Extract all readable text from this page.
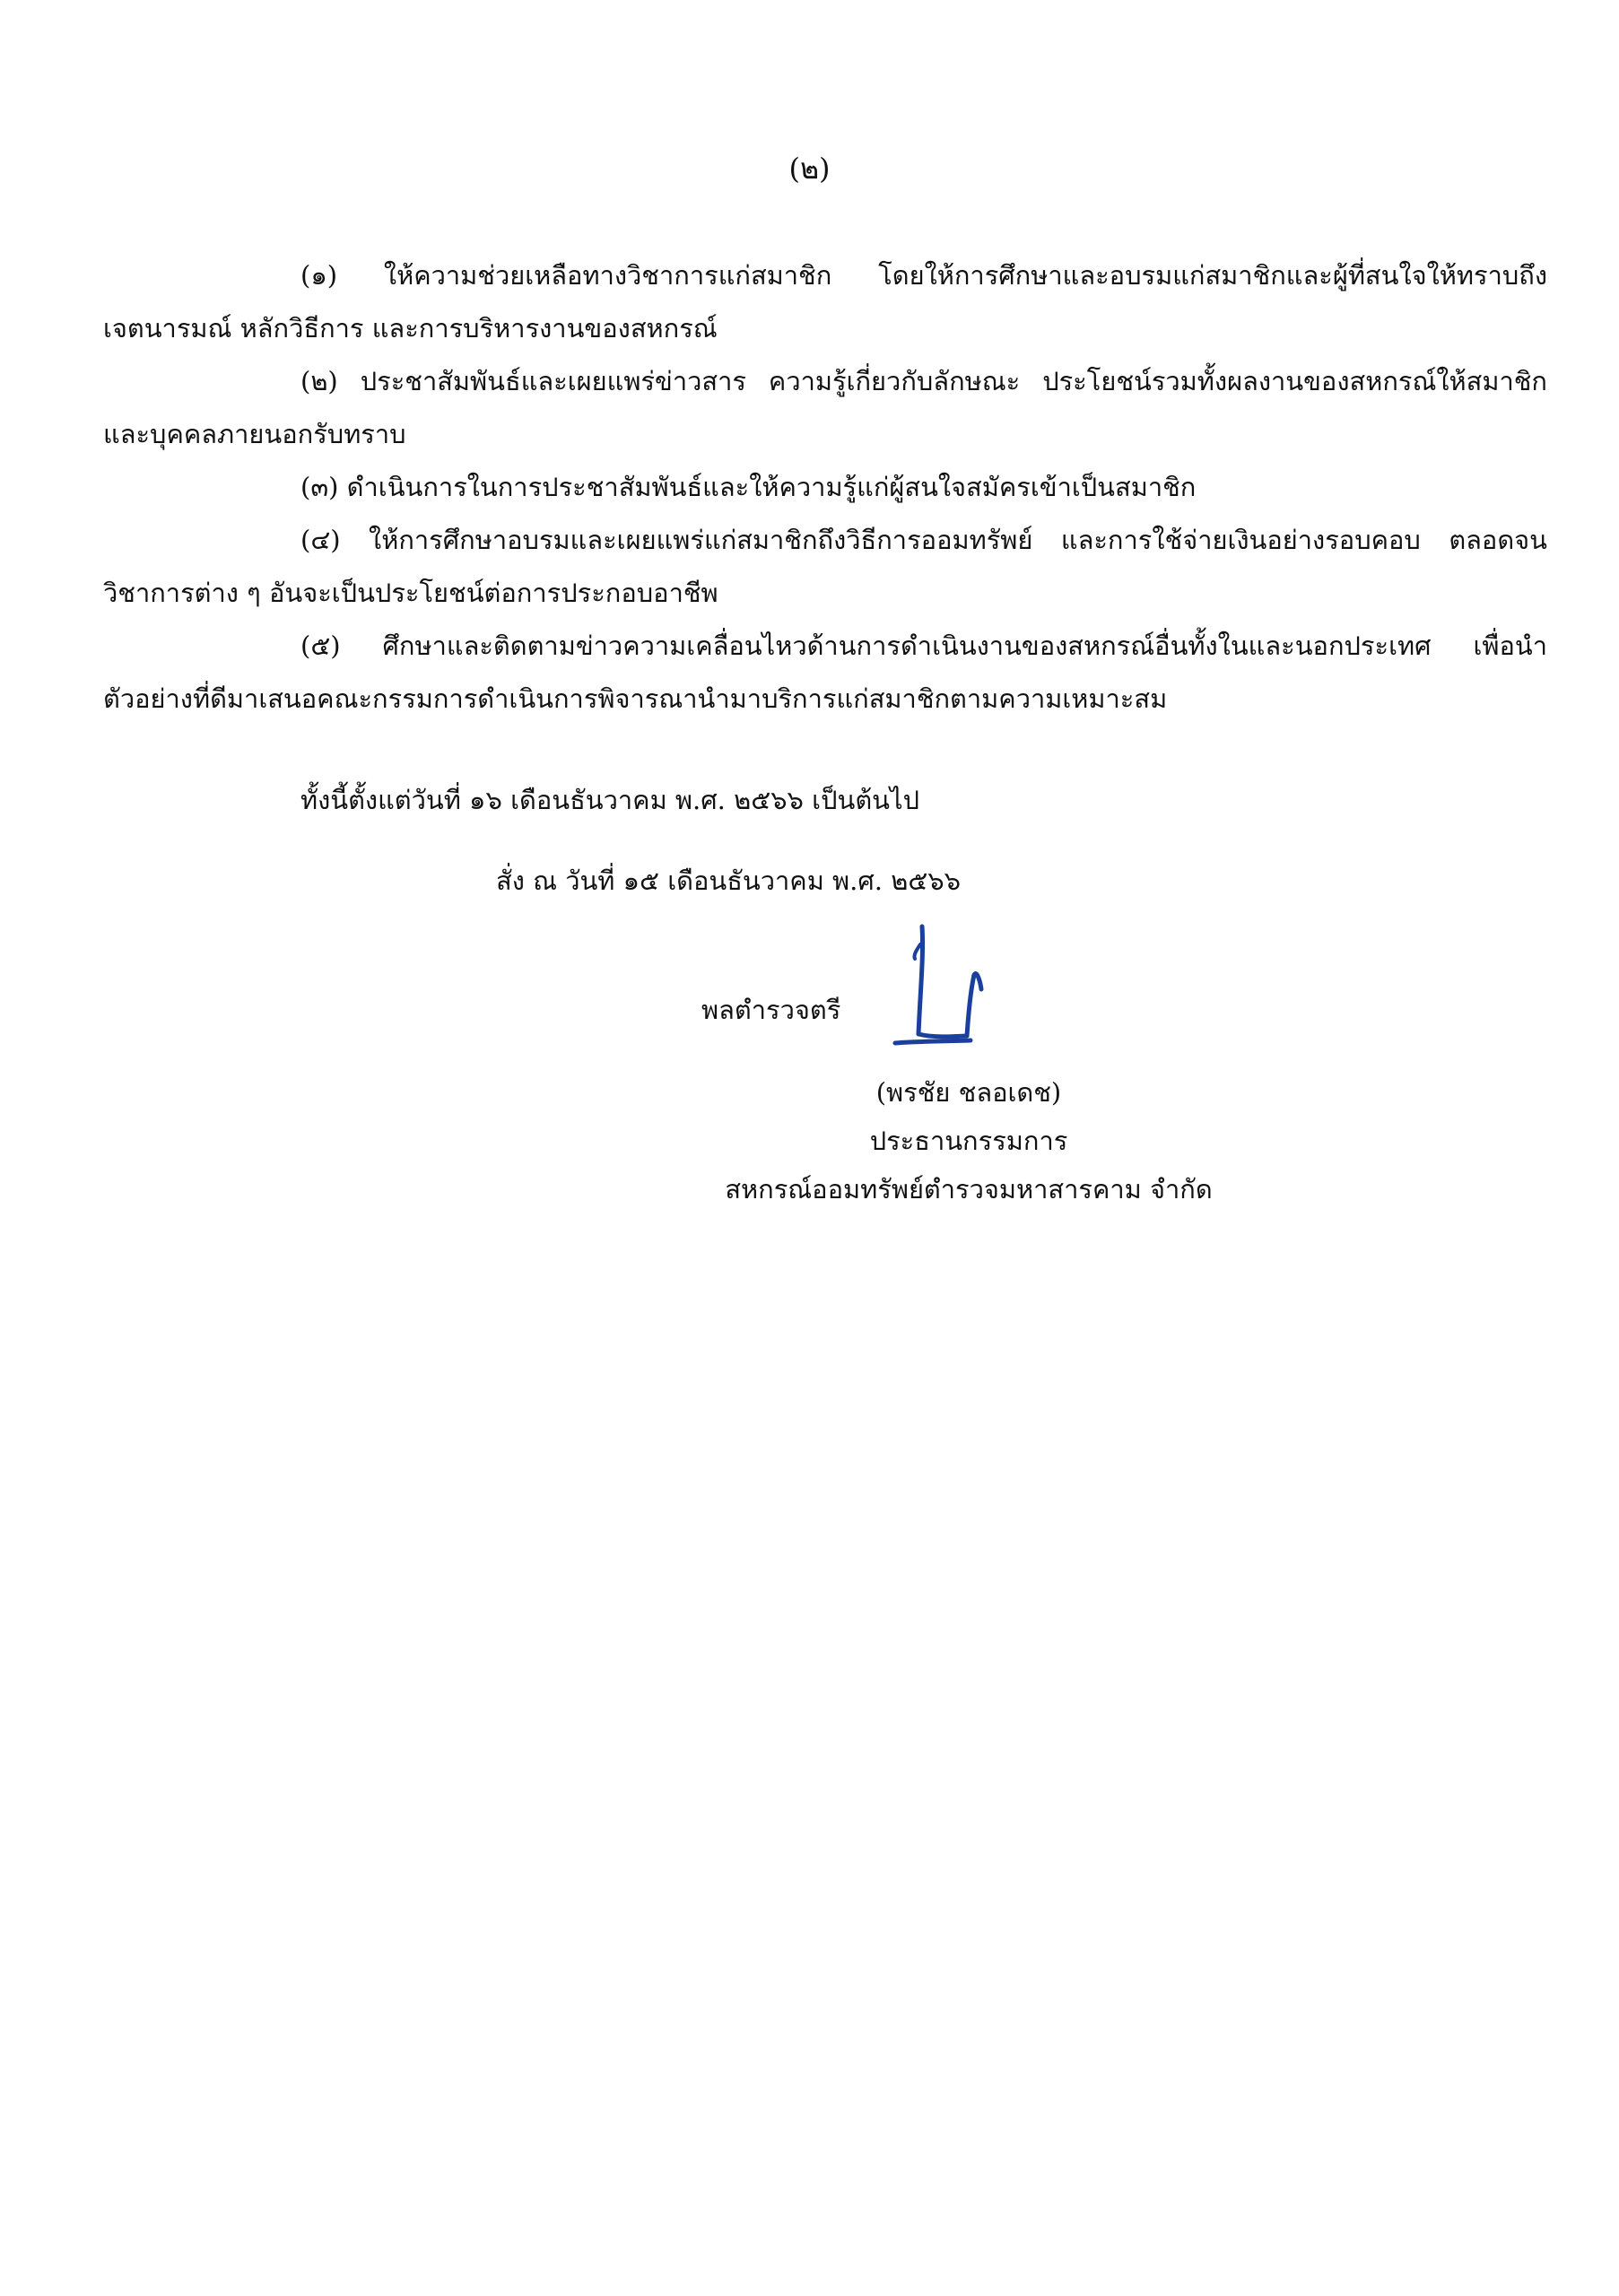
(๒)

(๑) ให้ความช่วยเหลือทางวิชาการแก่สมาชิก โดยให้การศึกษาและอบรมแก่สมาชิกและผู้ที่สนใจให้ทราบถึงเจตนารมณ์ หลักวิธีการ และการบริหารงานของสหกรณ์

(๒) ประชาสัมพันธ์และเผยแพร่ข่าวสาร ความรู้เกี่ยวกับลักษณะ ประโยชน์รวมทั้งผลงานของสหกรณ์ให้สมาชิกและบุคคลภายนอกรับทราบ

(๓) ดำเนินการในการประชาสัมพันธ์และให้ความรู้แก่ผู้สนใจสมัครเข้าเป็นสมาชิก

(๔) ให้การศึกษาอบรมและเผยแพร่แก่สมาชิกถึงวิธีการออมทรัพย์ และการใช้จ่ายเงินอย่างรอบคอบ ตลอดจนวิชาการต่าง ๆ อันจะเป็นประโยชน์ต่อการประกอบอาชีพ

(๕) ศึกษาและติดตามข่าวความเคลื่อนไหวด้านการดำเนินงานของสหกรณ์อื่นทั้งในและนอกประเทศ เพื่อนำตัวอย่างที่ดีมาเสนอคณะกรรมการดำเนินการพิจารณานำมาบริการแก่สมาชิกตามความเหมาะสม

ทั้งนี้ตั้งแต่วันที่ ๑๖ เดือนธันวาคม พ.ศ. ๒๕๖๖ เป็นต้นไป
สั่ง ณ วันที่ ๑๕ เดือนธันวาคม พ.ศ. ๒๕๖๖
พลตำรวจตรี
(พรชัย ชลอเดช)
ประธานกรรมการ
สหกรณ์ออมทรัพย์ตำรวจมหาสารคาม จำกัด
